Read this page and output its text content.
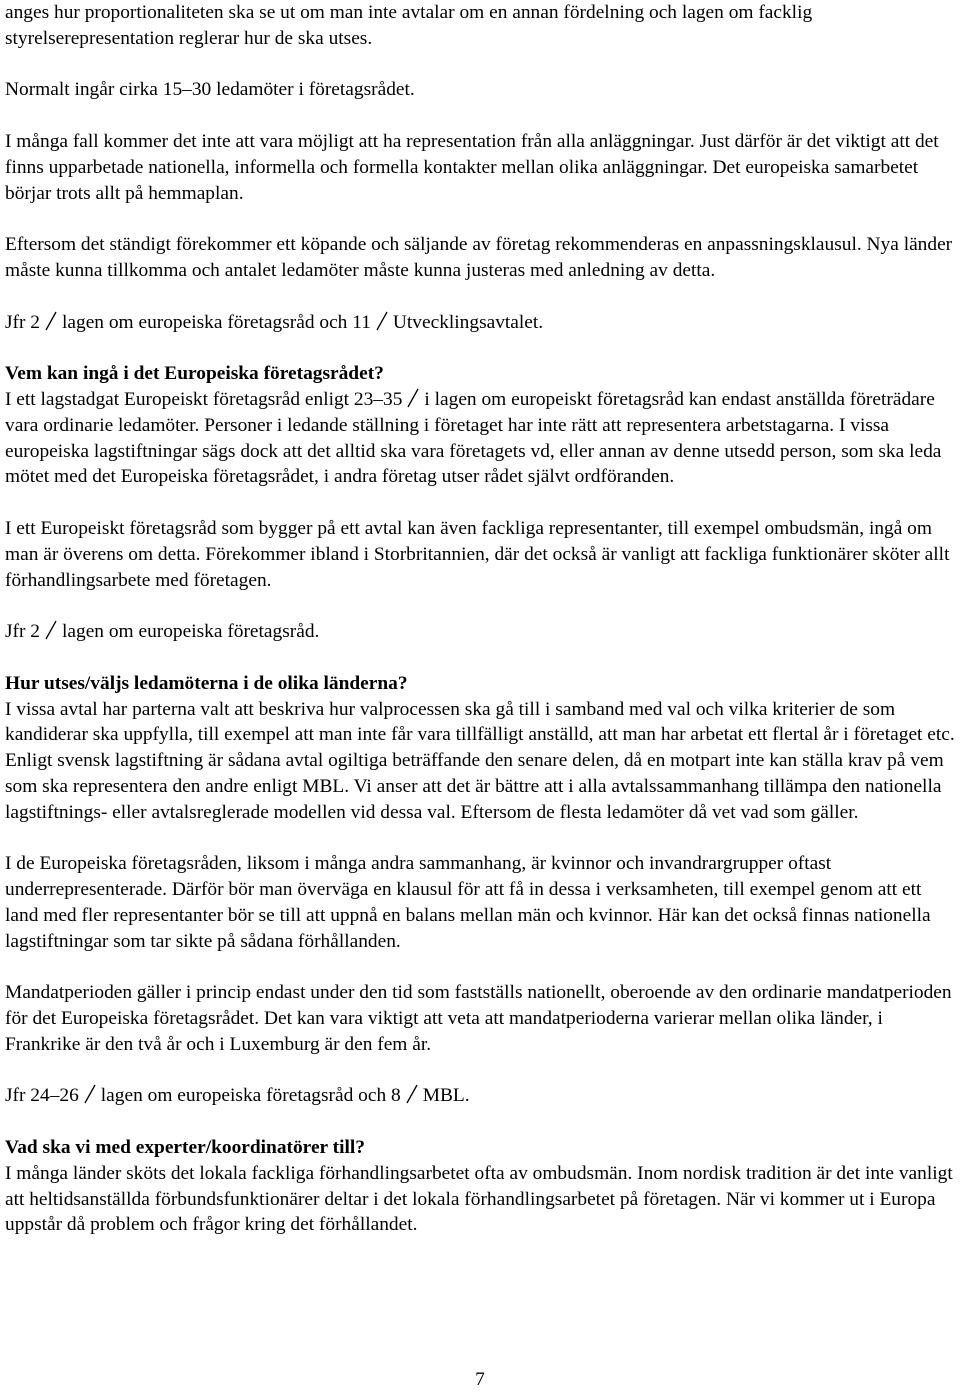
anges hur proportionaliteten ska se ut om man inte avtalar om en annan fördelning och lagen om facklig styrelserepresentation reglerar hur de ska utses.

Normalt ingår cirka 15–30 ledamöter i företagsrådet.

I många fall kommer det inte att vara möjligt att ha representation från alla anläggningar. Just därför är det viktigt att det finns upparbetade nationella, informella och formella kontakter mellan olika anläggningar. Det europeiska samarbetet börjar trots allt på hemmaplan.

Eftersom det ständigt förekommer ett köpande och säljande av företag rekommenderas en anpassningsklausul. Nya länder måste kunna tillkomma och antalet ledamöter måste kunna justeras med anledning av detta.

Jfr 2 lagen om europeiska företagsråd och 11 Utvecklingsavtalet.

Vem kan ingå i det Europeiska företagsrådet?

I ett lagstadgat Europeiskt företagsråd enligt 23–35 i lagen om europeiskt företagsråd kan endast anställda företrädare vara ordinarie ledamöter. Personer i ledande ställning i företaget har inte rätt att representera arbetstagarna. I vissa europeiska lagstiftningar sägs dock att det alltid ska vara företagets vd, eller annan av denne utsedd person, som ska leda mötet med det Europeiska företagsrådet, i andra företag utser rådet självt ordföranden.

I ett Europeiskt företagsråd som bygger på ett avtal kan även fackliga representanter, till exempel ombudsmän, ingå om man är överens om detta. Förekommer ibland i Storbritannien, där det också är vanligt att fackliga funktionärer sköter allt förhandlingsarbete med företagen.

Jfr 2 lagen om europeiska företagsråd.

Hur utses/väljs ledamöterna i de olika länderna?

I vissa avtal har parterna valt att beskriva hur valprocessen ska gå till i samband med val och vilka kriterier de som kandiderar ska uppfylla, till exempel att man inte får vara tillfälligt anställd, att man har arbetat ett flertal år i företaget etc. Enligt svensk lagstiftning är sådana avtal ogiltiga beträffande den senare delen, då en motpart inte kan ställa krav på vem som ska representera den andre enligt MBL. Vi anser att det är bättre att i alla avtalssammanhang tillämpa den nationella lagstiftnings- eller avtalsreglerade modellen vid dessa val. Eftersom de flesta ledamöter då vet vad som gäller.

I de Europeiska företagsråden, liksom i många andra sammanhang, är kvinnor och invandrargrupper oftast underrepresenterade. Därför bör man överväga en klausul för att få in dessa i verksamheten, till exempel genom att ett land med fler representanter bör se till att uppnå en balans mellan män och kvinnor. Här kan det också finnas nationella lagstiftningar som tar sikte på sådana förhållanden.

Mandatperioden gäller i princip endast under den tid som fastställs nationellt, oberoende av den ordinarie mandatperioden för det Europeiska företagsrådet. Det kan vara viktigt att veta att mandatperioderna varierar mellan olika länder, i Frankrike är den två år och i Luxemburg är den fem år.

Jfr 24–26 lagen om europeiska företagsråd och 8 MBL.

Vad ska vi med experter/koordinatörer till?

I många länder sköts det lokala fackliga förhandlingsarbetet ofta av ombudsmän. Inom nordisk tradition är det inte vanligt att heltidsanställda förbundsfunktionärer deltar i det lokala förhandlingsarbetet på företagen. När vi kommer ut i Europa uppstår då problem och frågor kring det förhållandet.

7
